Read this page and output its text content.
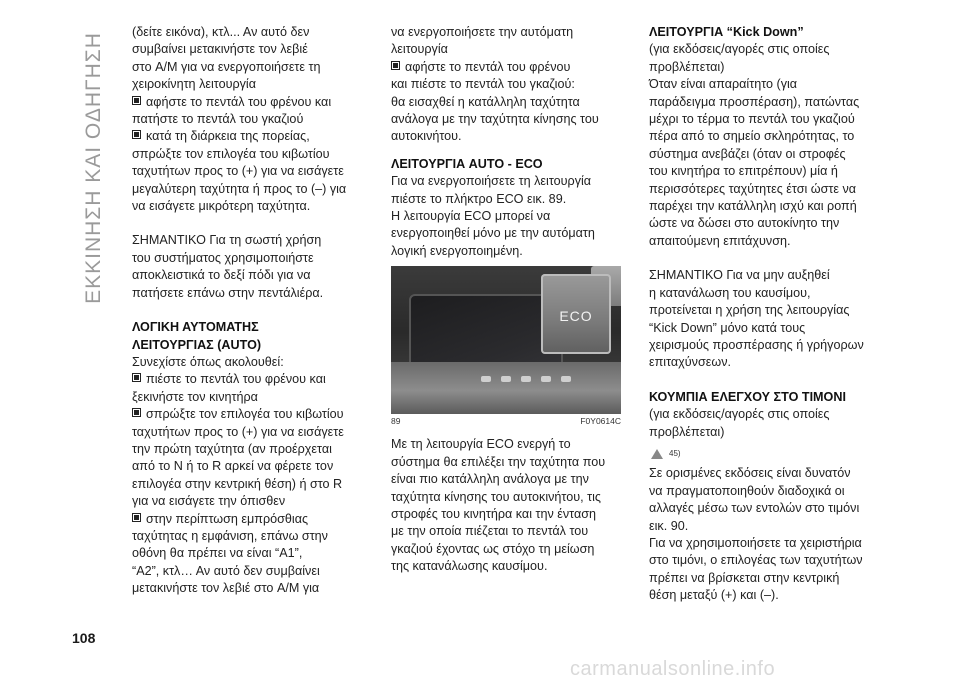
ΕΚΚΙΝΗΣΗ ΚΑΙ ΟΔΗΓΗΣΗ

(δείτε εικόνα), κτλ... Αν αυτό δεν
συμβαίνει μετακινήστε τον λεβιέ
στο A/M για να ενεργοποιήσετε τη
χειροκίνητη λειτουργία

αφήστε το πεντάλ του φρένου και
πατήστε το πεντάλ του γκαζιού

κατά τη διάρκεια της πορείας,
σπρώξτε τον επιλογέα του κιβωτίου
ταχυτήτων προς το (+) για να εισάγετε
μεγαλύτερη ταχύτητα ή προς το (–) για
να εισάγετε μικρότερη ταχύτητα.

ΣΗΜΑΝΤΙΚΟ Για τη σωστή χρήση
του συστήματος χρησιμοποιήστε
αποκλειστικά το δεξί πόδι για να
πατήσετε επάνω στην πεντάλιέρα.

ΛΟΓΙΚΗ ΑΥΤΟΜΑΤΗΣ
ΛΕΙΤΟΥΡΓΙΑΣ (AUTO)

Συνεχίστε όπως ακολουθεί:

πιέστε το πεντάλ του φρένου και
ξεκινήστε τον κινητήρα

σπρώξτε τον επιλογέα του κιβωτίου
ταχυτήτων προς το (+) για να εισάγετε
την πρώτη ταχύτητα (αν προέρχεται
από το N ή το R αρκεί να φέρετε τον
επιλογέα στην κεντρική θέση) ή στο R
για να εισάγετε την όπισθεν

στην περίπτωση εμπρόσθιας
ταχύτητας η εμφάνιση, επάνω στην
οθόνη θα πρέπει να είναι “A1”,
“A2”, κτλ… Αν αυτό δεν συμβαίνει
μετακινήστε τον λεβιέ στο A/M για

να ενεργοποιήσετε την αυτόματη
λειτουργία

αφήστε το πεντάλ του φρένου
και πιέστε το πεντάλ του γκαζιού:
θα εισαχθεί η κατάλληλη ταχύτητα
ανάλογα με την ταχύτητα κίνησης του
αυτοκινήτου.

ΛΕΙΤΟΥΡΓΙΑ AUTO - ECO

Για να ενεργοποιήσετε τη λειτουργία
πιέστε το πλήκτρο ECO εικ. 89.
Η λειτουργία ECO μπορεί να
ενεργοποιηθεί μόνο με την αυτόματη
λογική ενεργοποιημένη.

ECO
89	F0Y0614C

Με τη λειτουργία ECO ενεργή το
σύστημα θα επιλέξει την ταχύτητα που
είναι πιο κατάλληλη ανάλογα με την
ταχύτητα κίνησης του αυτοκινήτου, τις
στροφές του κινητήρα και την ένταση
με την οποία πιέζεται το πεντάλ του
γκαζιού έχοντας ως στόχο τη μείωση
της κατανάλωσης καυσίμου.

ΛΕΙΤΟΥΡΓΙΑ “Kick Down”

(για εκδόσεις/αγορές στις οποίες
προβλέπεται)

Όταν είναι απαραίτητο (για
παράδειγμα προσπέραση), πατώντας
μέχρι το τέρμα το πεντάλ του γκαζιού
πέρα από το σημείο σκληρότητας, το
σύστημα ανεβάζει (όταν οι στροφές
του κινητήρα το επιτρέπουν) μία ή
περισσότερες ταχύτητες έτσι ώστε να
παρέχει την κατάλληλη ισχύ και ροπή
ώστε να δώσει στο αυτοκίνητο την
απαιτούμενη επιτάχυνση.

ΣΗΜΑΝΤΙΚΟ Για να μην αυξηθεί
η κατανάλωση του καυσίμου,
προτείνεται η χρήση της λειτουργίας
“Kick Down” μόνο κατά τους
χειρισμούς προσπέρασης ή γρήγορων
επιταχύνσεων.

ΚΟΥΜΠΙΑ ΕΛΕΓΧΟΥ ΣΤΟ ΤΙΜΟΝΙ

(για εκδόσεις/αγορές στις οποίες
προβλέπεται)

45)

Σε ορισμένες εκδόσεις είναι δυνατόν
να πραγματοποιηθούν διαδοχικά οι
αλλαγές μέσω των εντολών στο τιμόνι
εικ. 90.

Για να χρησιμοποιήσετε τα χειριστήρια
στο τιμόνι, ο επιλογέας των ταχυτήτων
πρέπει να βρίσκεται στην κεντρική
θέση μεταξύ (+) και (–).

108
carmanualsonline.info
